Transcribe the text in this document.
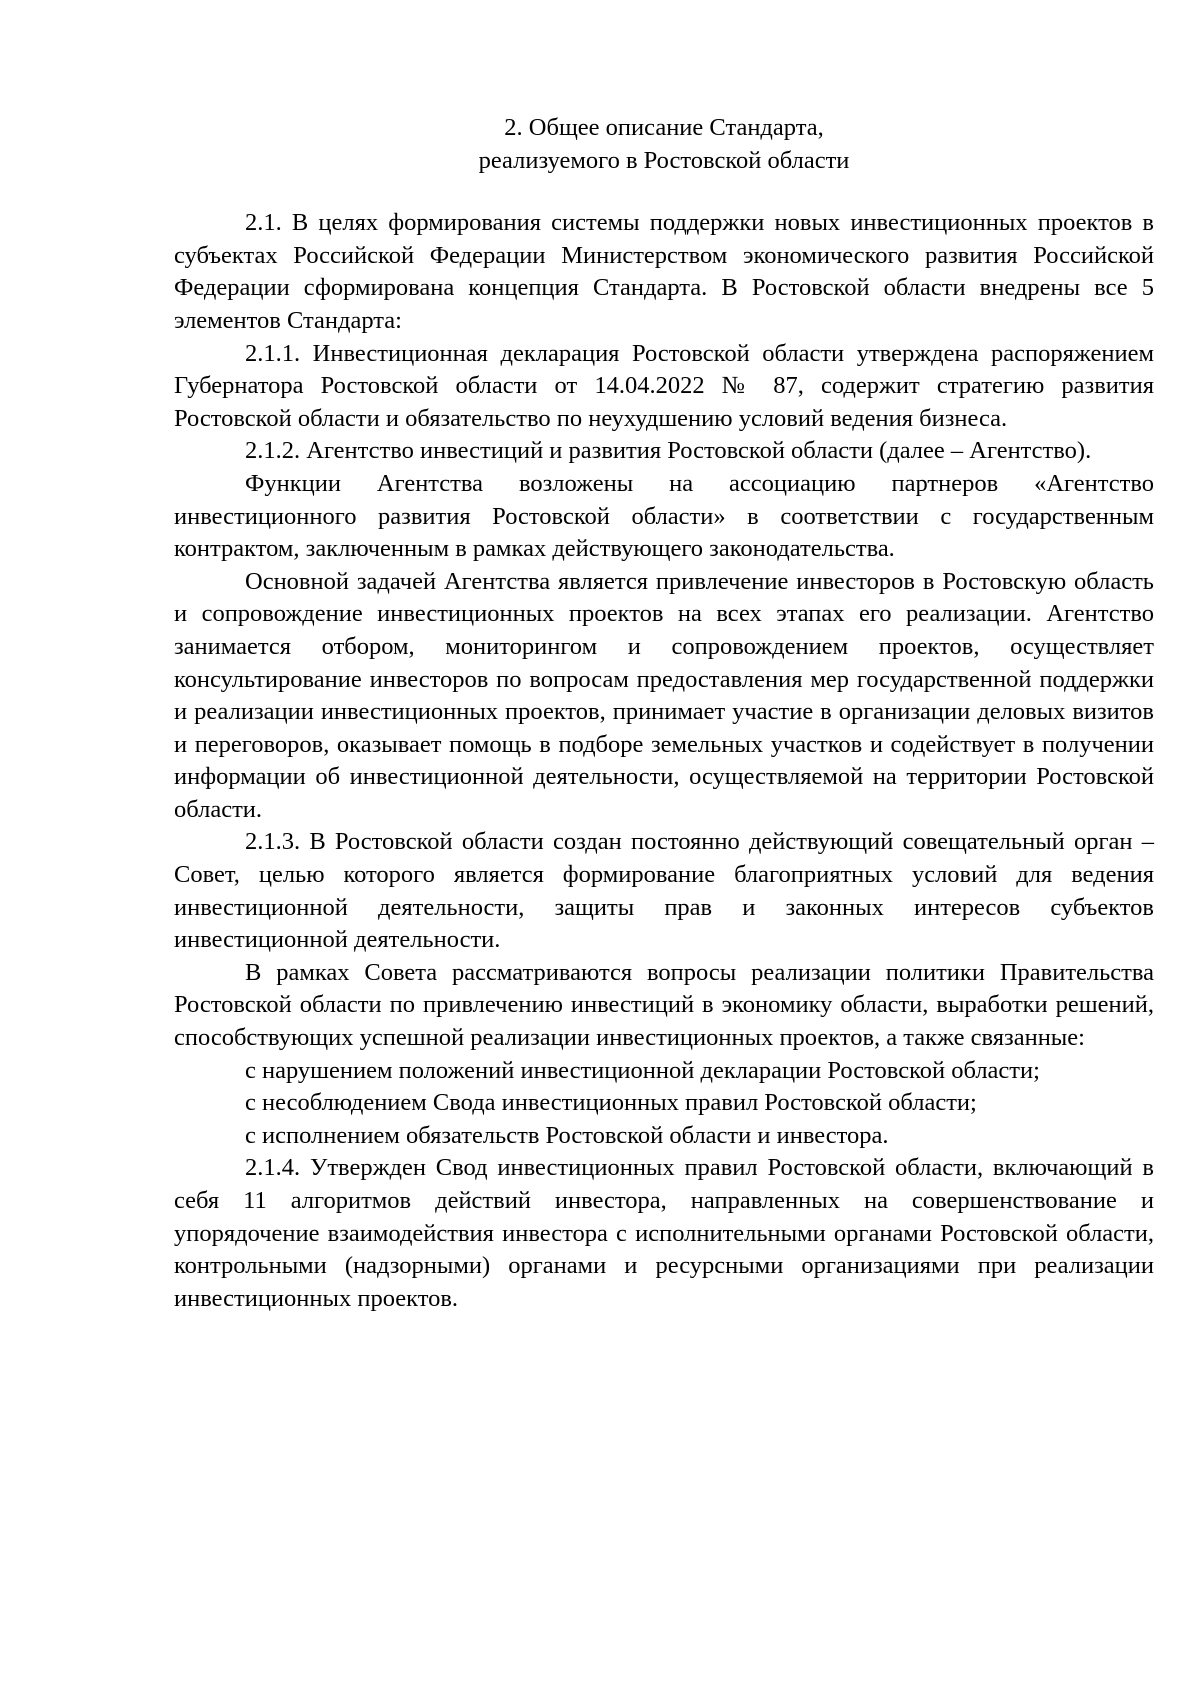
2. Общее описание Стандарта,
реализуемого в Ростовской области

2.1. В целях формирования системы поддержки новых инвестиционных проектов в субъектах Российской Федерации Министерством экономического развития Российской Федерации сформирована концепция Стандарта. В Ростовской области внедрены все 5 элементов Стандарта:

2.1.1. Инвестиционная декларация Ростовской области утверждена распоряжением Губернатора Ростовской области от 14.04.2022 № 87, содержит стратегию развития Ростовской области и обязательство по неухудшению условий ведения бизнеса.

2.1.2. Агентство инвестиций и развития Ростовской области (далее – Агентство).

Функции Агентства возложены на ассоциацию партнеров «Агентство инвестиционного развития Ростовской области» в соответствии с государственным контрактом, заключенным в рамках действующего законодательства.

Основной задачей Агентства является привлечение инвесторов в Ростовскую область и сопровождение инвестиционных проектов на всех этапах его реализации. Агентство занимается отбором, мониторингом и сопровождением проектов, осуществляет консультирование инвесторов по вопросам предоставления мер государственной поддержки и реализации инвестиционных проектов, принимает участие в организации деловых визитов и переговоров, оказывает помощь в подборе земельных участков и содействует в получении информации об инвестиционной деятельности, осуществляемой на территории Ростовской области.

2.1.3. В Ростовской области создан постоянно действующий совещательный орган – Совет, целью которого является формирование благоприятных условий для ведения инвестиционной деятельности, защиты прав и законных интересов субъектов инвестиционной деятельности.

В рамках Совета рассматриваются вопросы реализации политики Правительства Ростовской области по привлечению инвестиций в экономику области, выработки решений, способствующих успешной реализации инвестиционных проектов, а также связанные:

с нарушением положений инвестиционной декларации Ростовской области;

с несоблюдением Свода инвестиционных правил Ростовской области;

с исполнением обязательств Ростовской области и инвестора.

2.1.4. Утвержден Свод инвестиционных правил Ростовской области, включающий в себя 11 алгоритмов действий инвестора, направленных на совершенствование и упорядочение взаимодействия инвестора с исполнительными органами Ростовской области, контрольными (надзорными) органами и ресурсными организациями при реализации инвестиционных проектов.
